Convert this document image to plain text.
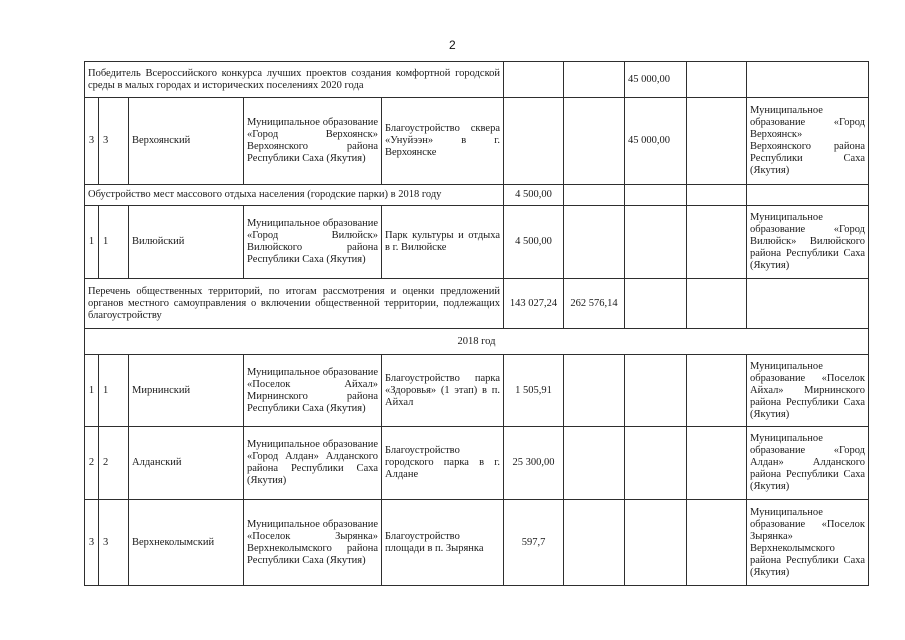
2
Победитель Всероссийского конкурса лучших проектов создания комфортной городской среды в малых городах и исторических поселениях 2020 года							45 000,00		
3	3	Верхоянский	Муниципальное образование «Город Верхоянск» Верхоянского района Республики Саха (Якутия)	Благоустройство сквера «Унуйээн» в г. Верхоянске			45 000,00		Муниципальное образование «Город Верхоянск» Верхоянского района Республики Саха (Якутия)
Обустройство мест массового отдыха населения (городские парки) в 2018 году					4 500,00				
1	1	Вилюйский	Муниципальное образование «Город Вилюйск» Вилюйского района Республики Саха (Якутия)	Парк культуры и отдыха в г. Вилюйске	4 500,00				Муниципальное образование «Город Вилюйск» Вилюйского района Республики Саха (Якутия)
Перечень общественных территорий, по итогам рассмотрения и оценки предложений органов местного самоуправления о включении общественной территории, подлежащих благоустройству					143 027,24	262 576,14			
2018 год									
1	1	Мирнинский	Муниципальное образование «Поселок Айхал» Мирнинского района Республики Саха (Якутия)	Благоустройство парка «Здоровья» (1 этап) в п. Айхал	1 505,91				Муниципальное образование «Поселок Айхал» Мирнинского района Республики Саха (Якутия)
2	2	Алданский	Муниципальное образование «Город Алдан» Алданского района Республики Саха (Якутия)	Благоустройство городского парка в г. Алдане	25 300,00				Муниципальное образование «Город Алдан» Алданского района Республики Саха (Якутия)
3	3	Верхнеколымский	Муниципальное образование «Поселок Зырянка» Верхнеколымского района Республики Саха (Якутия)	Благоустройство площади в п. Зырянка	597,7				Муниципальное образование «Поселок Зырянка» Верхнеколымского района Республики Саха (Якутия)
